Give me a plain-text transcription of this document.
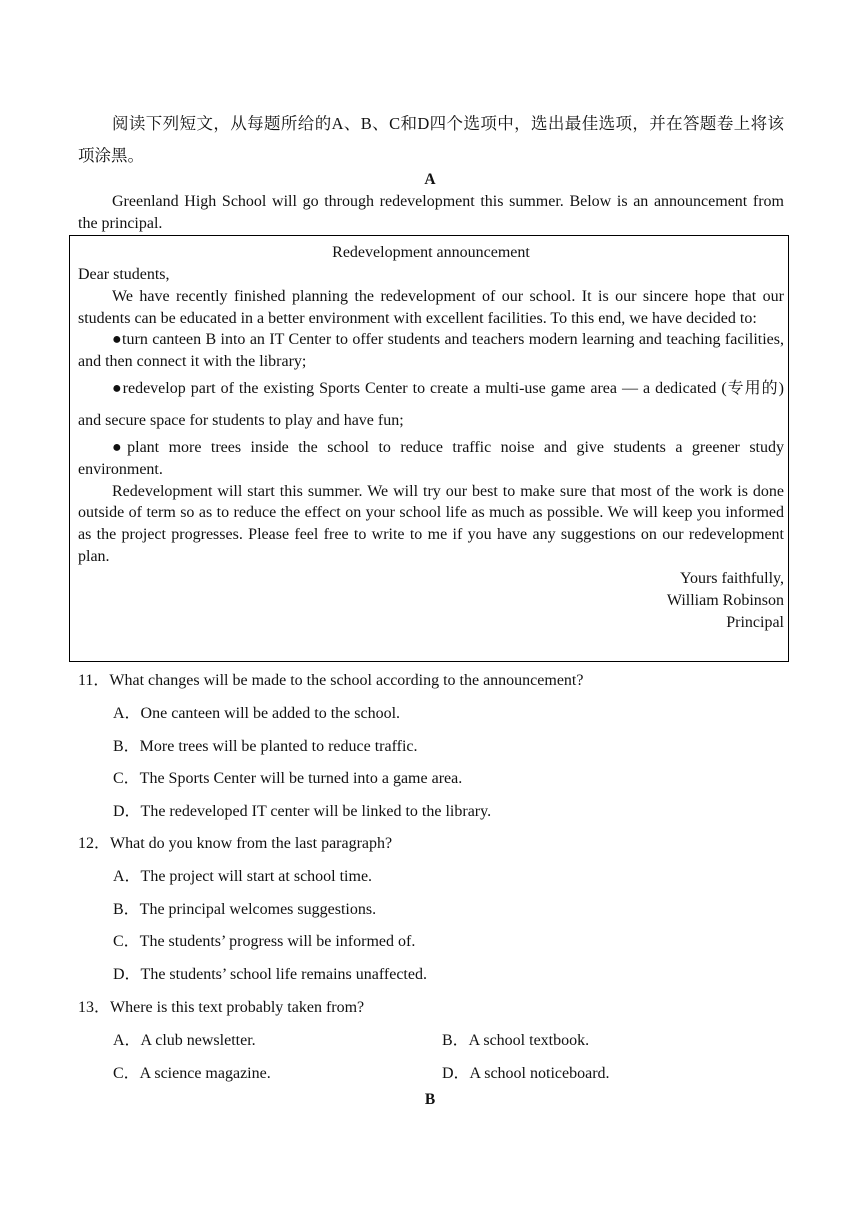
阅读下列短文，从每题所给的A、B、C和D四个选项中，选出最佳选项，并在答题卷上将该项涂黑。
A
Greenland High School will go through redevelopment this summer. Below is an announcement from the principal.
Redevelopment announcement
Dear students,
We have recently finished planning the redevelopment of our school. It is our sincere hope that our students can be educated in a better environment with excellent facilities. To this end, we have decided to:
●turn canteen B into an IT Center to offer students and teachers modern learning and teaching facilities, and then connect it with the library;
●redevelop part of the existing Sports Center to create a multi-use game area — a dedicated (专用的) and secure space for students to play and have fun;
●plant more trees inside the school to reduce traffic noise and give students a greener study environment.
Redevelopment will start this summer. We will try our best to make sure that most of the work is done outside of term so as to reduce the effect on your school life as much as possible. We will keep you informed as the project progresses. Please feel free to write to me if you have any suggestions on our redevelopment plan.
Yours faithfully,
William Robinson
Principal
11．What changes will be made to the school according to the announcement?
A．One canteen will be added to the school.
B．More trees will be planted to reduce traffic.
C．The Sports Center will be turned into a game area.
D．The redeveloped IT center will be linked to the library.
12．What do you know from the last paragraph?
A．The project will start at school time.
B．The principal welcomes suggestions.
C．The students’ progress will be informed of.
D．The students’ school life remains unaffected.
13．Where is this text probably taken from?
A．A club newsletter.	B．A school textbook.
C．A science magazine.	D．A school noticeboard.
B
